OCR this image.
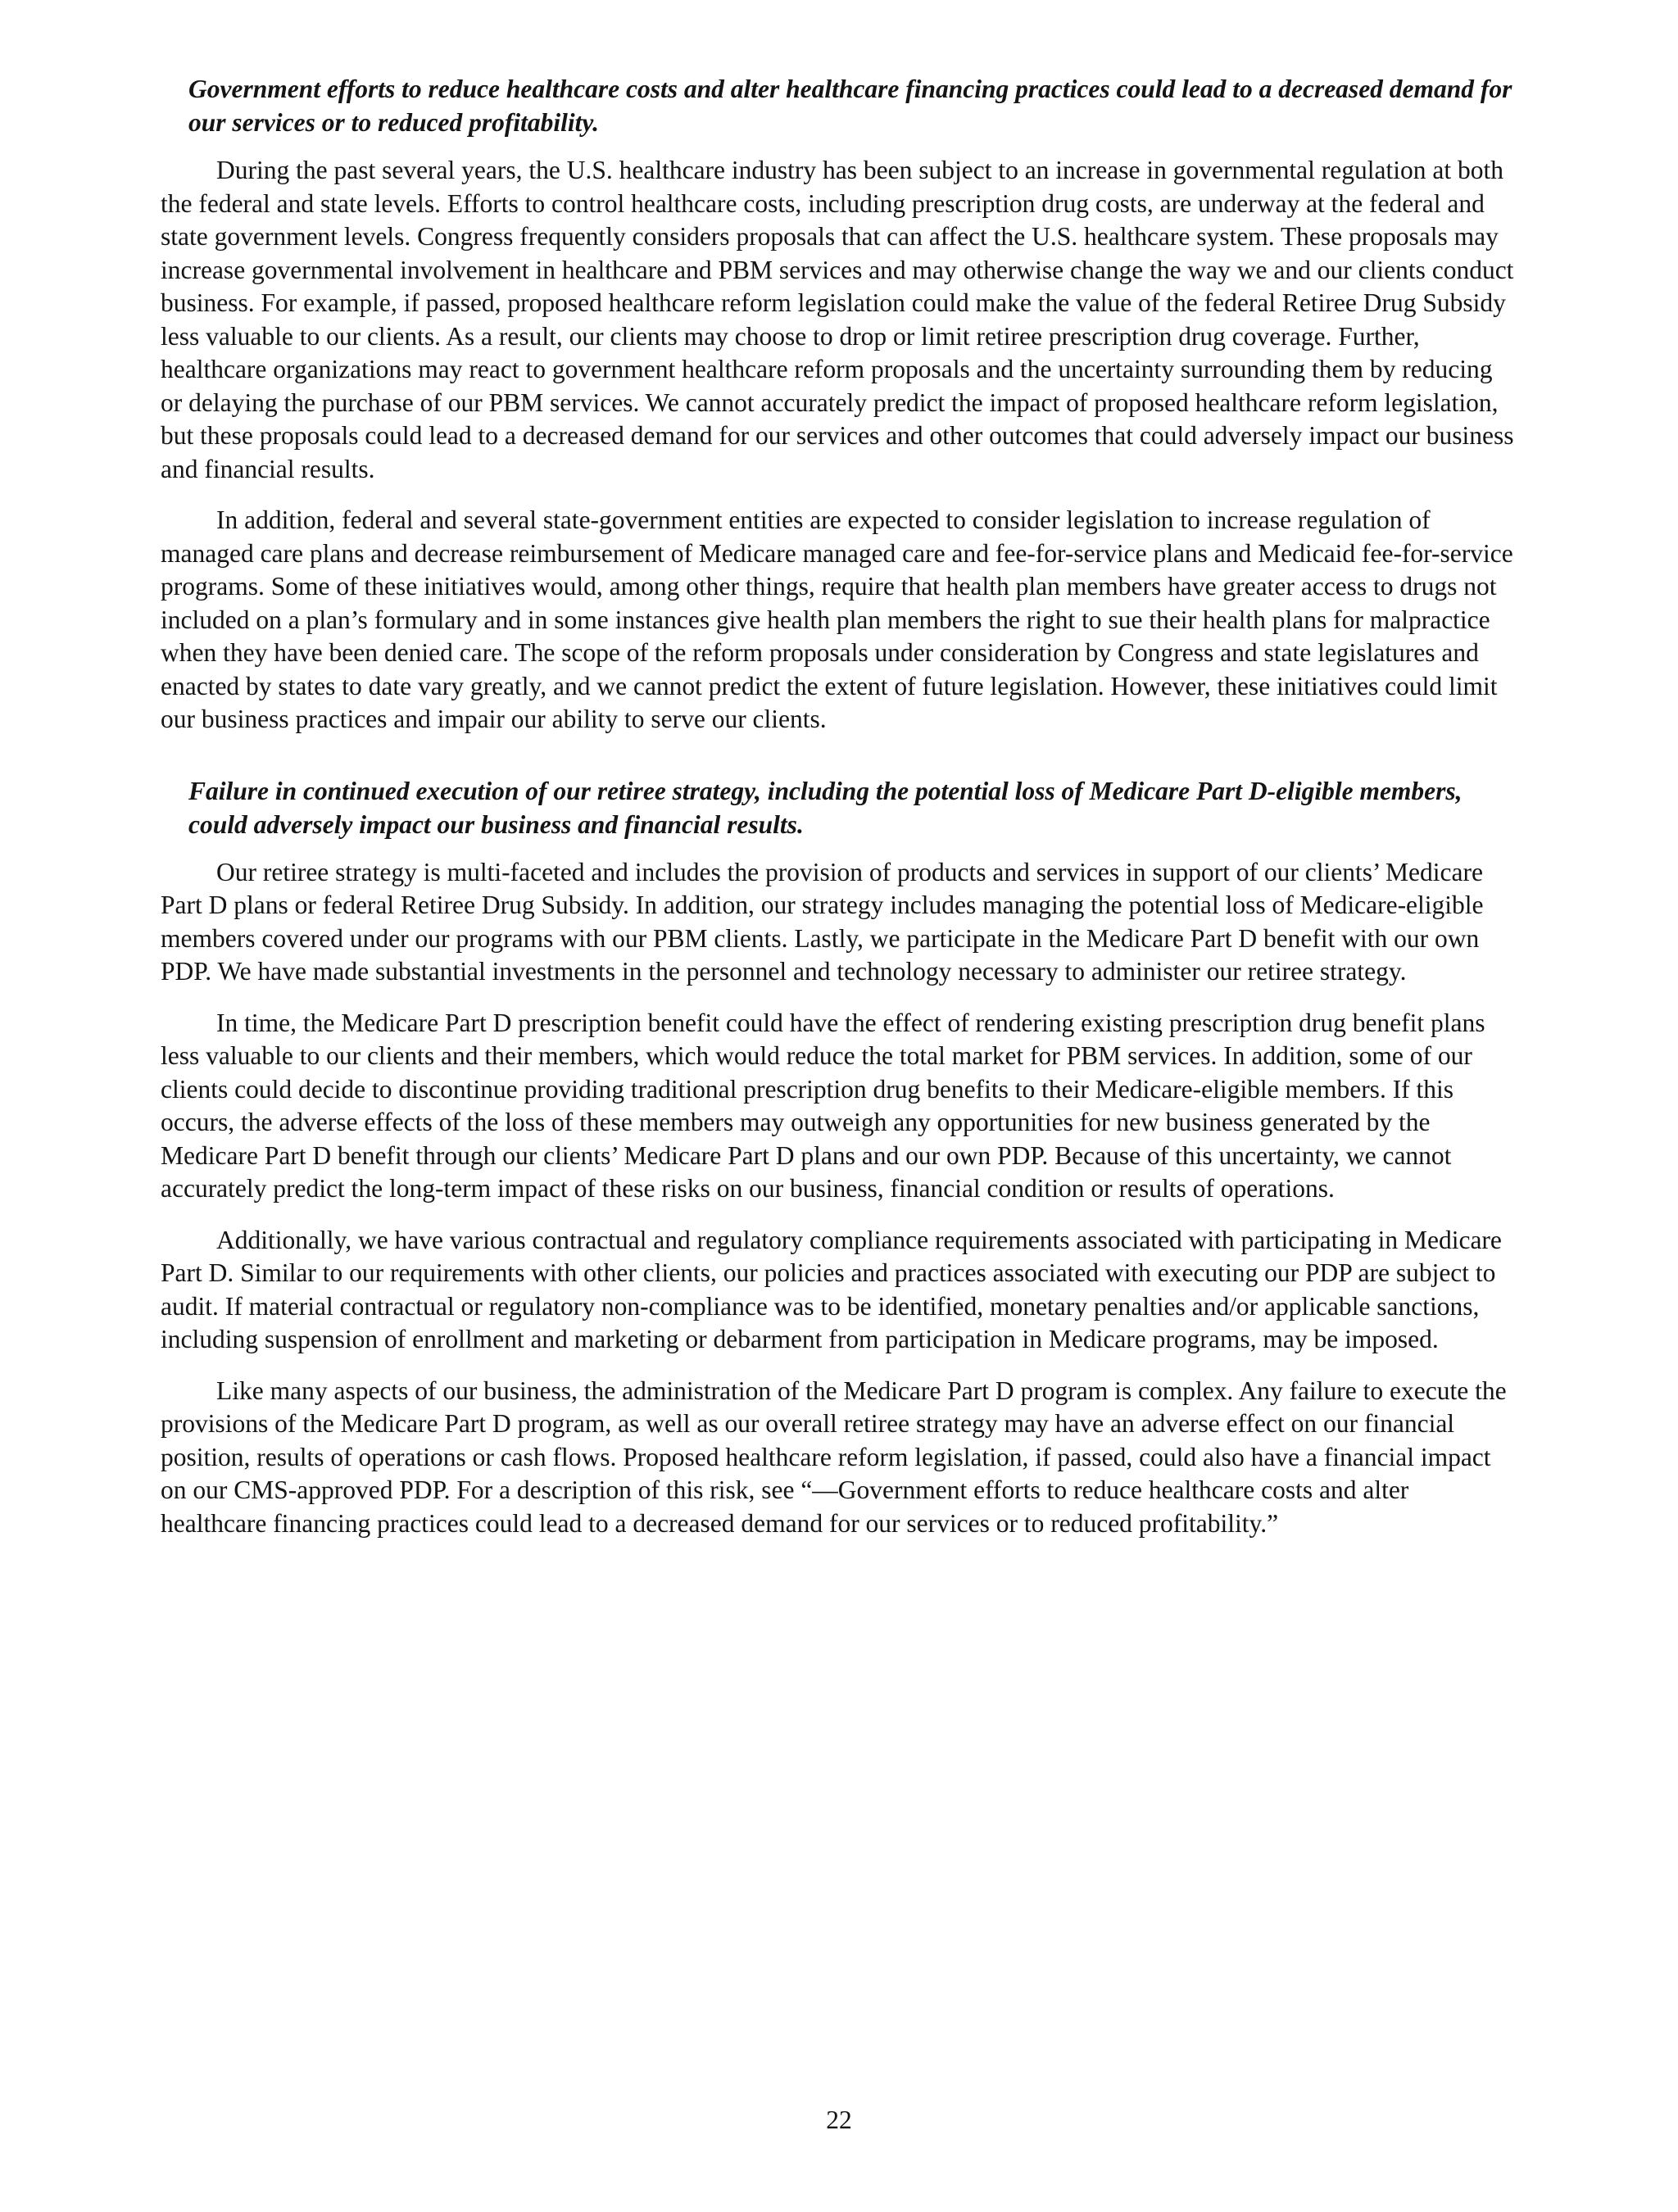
Government efforts to reduce healthcare costs and alter healthcare financing practices could lead to a decreased demand for our services or to reduced profitability.

During the past several years, the U.S. healthcare industry has been subject to an increase in governmental regulation at both the federal and state levels. Efforts to control healthcare costs, including prescription drug costs, are underway at the federal and state government levels. Congress frequently considers proposals that can affect the U.S. healthcare system. These proposals may increase governmental involvement in healthcare and PBM services and may otherwise change the way we and our clients conduct business. For example, if passed, proposed healthcare reform legislation could make the value of the federal Retiree Drug Subsidy less valuable to our clients. As a result, our clients may choose to drop or limit retiree prescription drug coverage. Further, healthcare organizations may react to government healthcare reform proposals and the uncertainty surrounding them by reducing or delaying the purchase of our PBM services. We cannot accurately predict the impact of proposed healthcare reform legislation, but these proposals could lead to a decreased demand for our services and other outcomes that could adversely impact our business and financial results.

In addition, federal and several state-government entities are expected to consider legislation to increase regulation of managed care plans and decrease reimbursement of Medicare managed care and fee-for-service plans and Medicaid fee-for-service programs. Some of these initiatives would, among other things, require that health plan members have greater access to drugs not included on a plan’s formulary and in some instances give health plan members the right to sue their health plans for malpractice when they have been denied care. The scope of the reform proposals under consideration by Congress and state legislatures and enacted by states to date vary greatly, and we cannot predict the extent of future legislation. However, these initiatives could limit our business practices and impair our ability to serve our clients.

Failure in continued execution of our retiree strategy, including the potential loss of Medicare Part D-eligible members, could adversely impact our business and financial results.

Our retiree strategy is multi-faceted and includes the provision of products and services in support of our clients’ Medicare Part D plans or federal Retiree Drug Subsidy. In addition, our strategy includes managing the potential loss of Medicare-eligible members covered under our programs with our PBM clients. Lastly, we participate in the Medicare Part D benefit with our own PDP. We have made substantial investments in the personnel and technology necessary to administer our retiree strategy.

In time, the Medicare Part D prescription benefit could have the effect of rendering existing prescription drug benefit plans less valuable to our clients and their members, which would reduce the total market for PBM services. In addition, some of our clients could decide to discontinue providing traditional prescription drug benefits to their Medicare-eligible members. If this occurs, the adverse effects of the loss of these members may outweigh any opportunities for new business generated by the Medicare Part D benefit through our clients’ Medicare Part D plans and our own PDP. Because of this uncertainty, we cannot accurately predict the long-term impact of these risks on our business, financial condition or results of operations.

Additionally, we have various contractual and regulatory compliance requirements associated with participating in Medicare Part D. Similar to our requirements with other clients, our policies and practices associated with executing our PDP are subject to audit. If material contractual or regulatory non-compliance was to be identified, monetary penalties and/or applicable sanctions, including suspension of enrollment and marketing or debarment from participation in Medicare programs, may be imposed.

Like many aspects of our business, the administration of the Medicare Part D program is complex. Any failure to execute the provisions of the Medicare Part D program, as well as our overall retiree strategy may have an adverse effect on our financial position, results of operations or cash flows. Proposed healthcare reform legislation, if passed, could also have a financial impact on our CMS-approved PDP. For a description of this risk, see “—Government efforts to reduce healthcare costs and alter healthcare financing practices could lead to a decreased demand for our services or to reduced profitability.”

22
